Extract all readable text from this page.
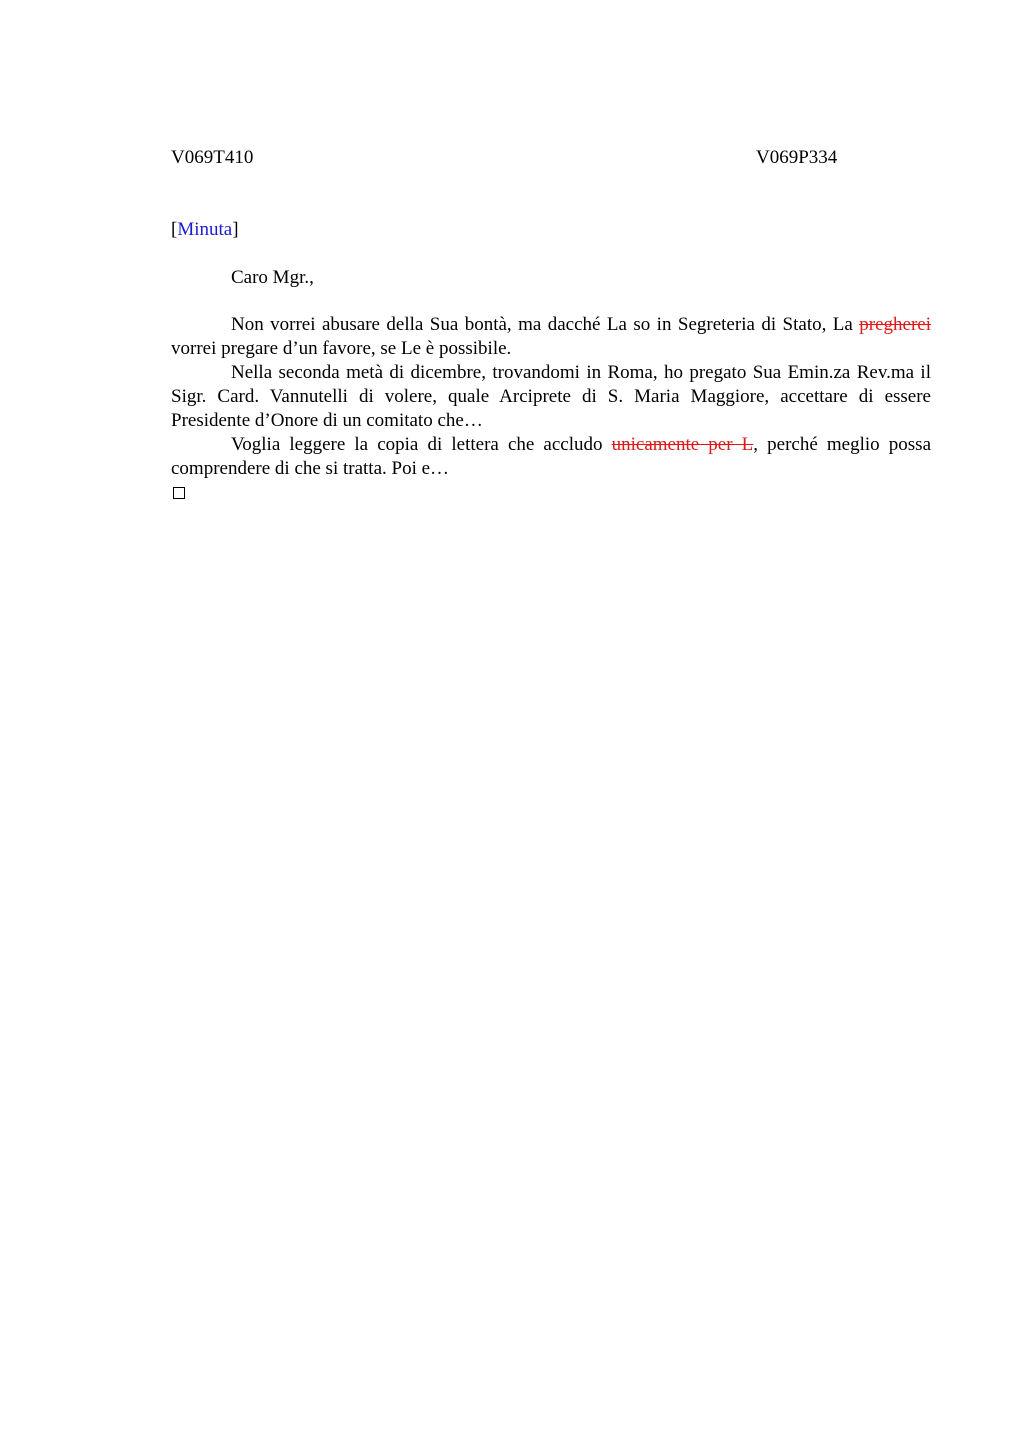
V069T410	V069P334
[Minuta]
Caro Mgr.,

Non vorrei abusare della Sua bontà, ma dacché La so in Segreteria di Stato, La pregherei vorrei pregare d’un favore, se Le è possibile.

Nella seconda metà di dicembre, trovandomi in Roma, ho pregato Sua Emin.za Rev.ma il Sigr. Card. Vannutelli di volere, quale Arciprete di S. Maria Maggiore, accettare di essere Presidente d’Onore di un comitato che…

Voglia leggere la copia di lettera che accludo unicamente per L, perché meglio possa comprendere di che si tratta. Poi e…
